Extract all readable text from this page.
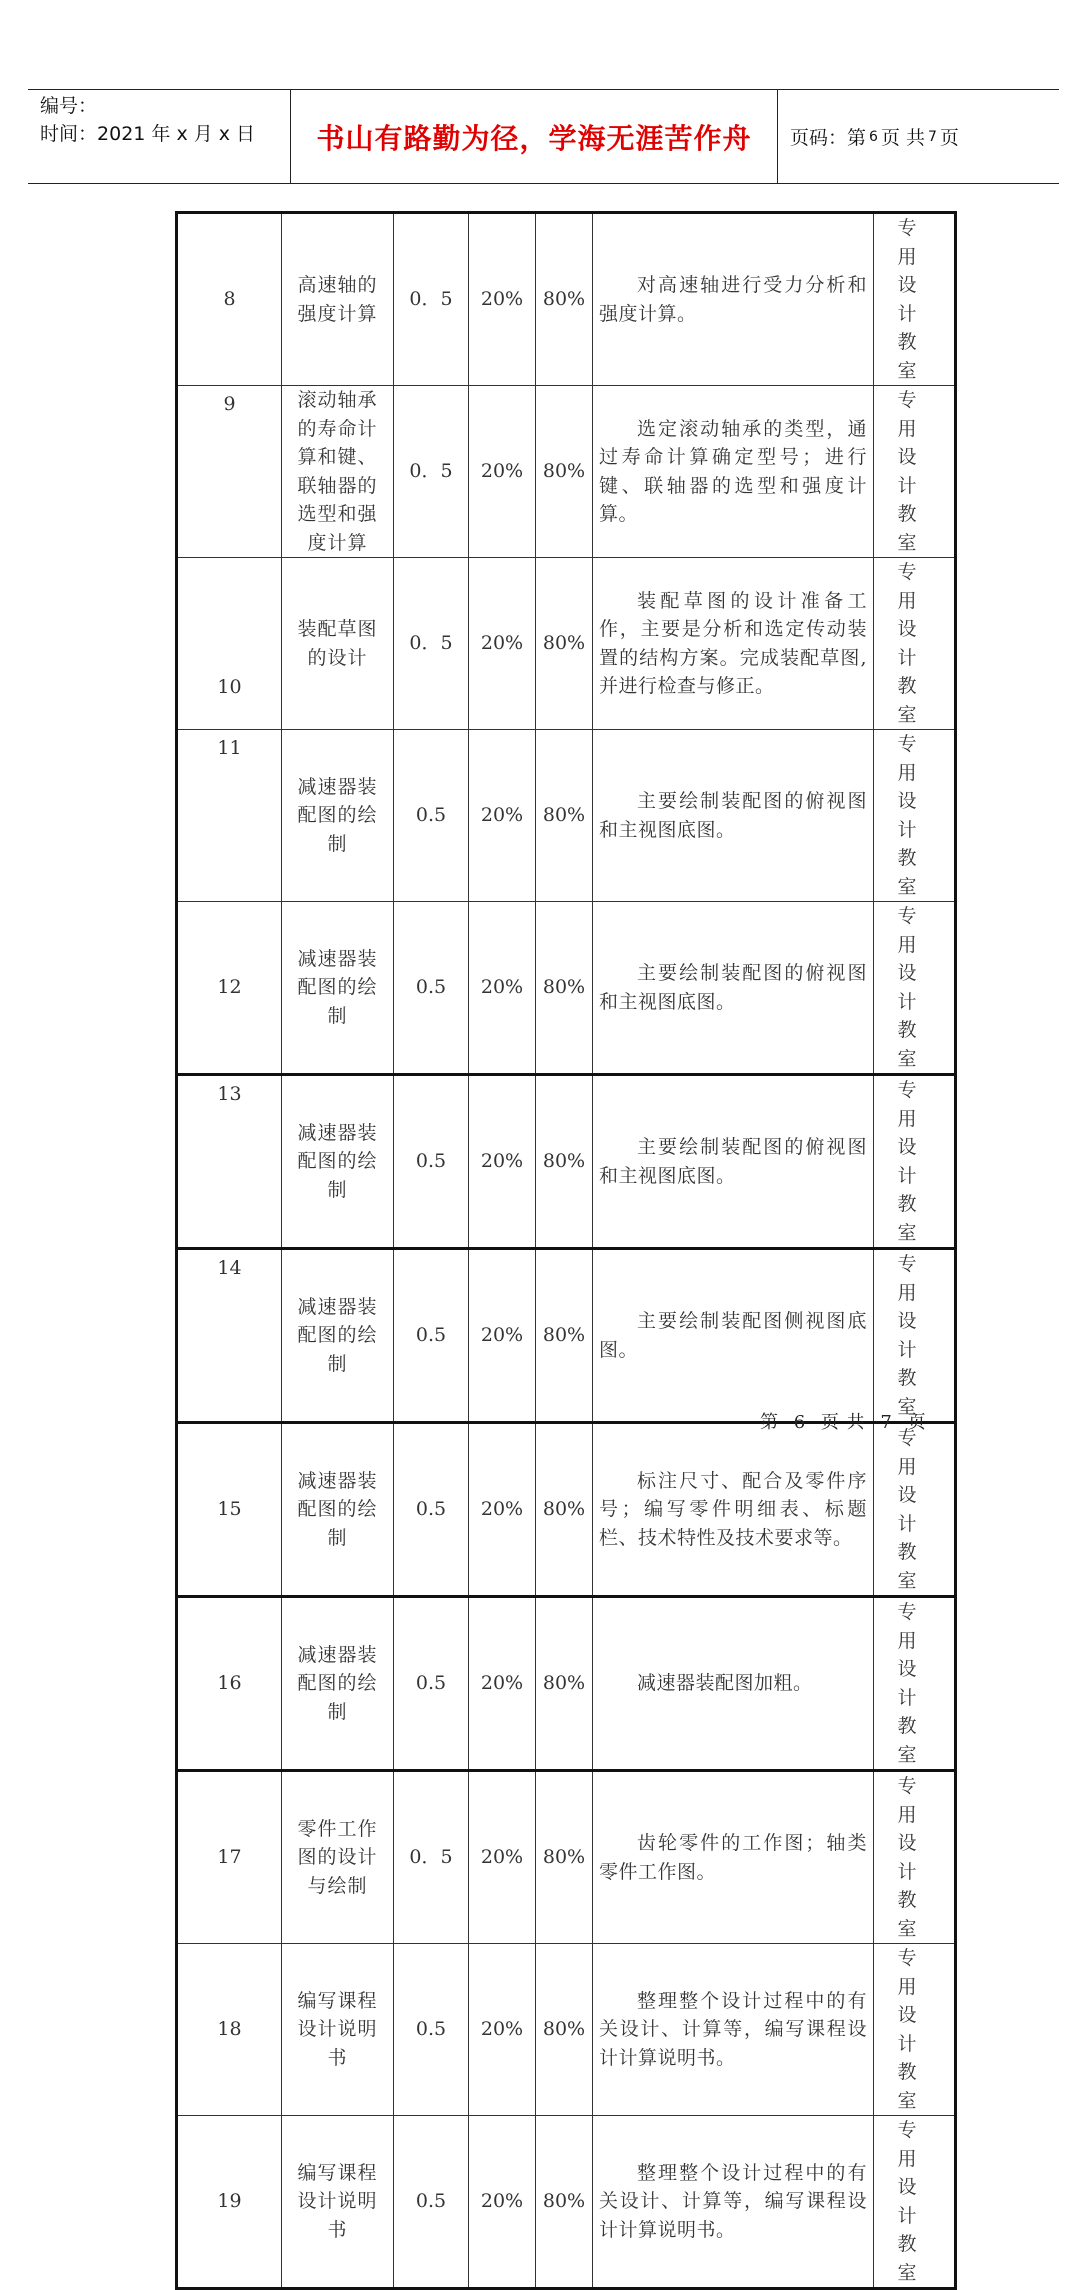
编号：
时间：2021 年 x 月 x 日	书山有路勤为径，学海无涯苦作舟	页码：第 6 页 共 7 页
8	高速轴的强度计算	0．5	20%	80%	对高速轴进行受力分析和强度计算。	专 用
设 计
教 室

9	滚动轴承的寿命计算和键、联轴器的选型和强度计算	0．5	20%	80%	选定滚动轴承的类型，通过寿命计算确定型号；进行键、联轴器的选型和强度计算。	专 用
设 计
教 室

10	装配草图的设计	0．5	20%	80%	装配草图的设计准备工作，主要是分析和选定传动装置的结构方案。完成装配草图,并进行检查与修正。	专 用
设 计
教 室

11	减速器装配图的绘制	0.5	20%	80%	主要绘制装配图的俯视图和主视图底图。	专 用
设 计
教 室

12	减速器装配图的绘制	0.5	20%	80%	主要绘制装配图的俯视图和主视图底图。	专 用
设 计
教 室

13	减速器装配图的绘制	0.5	20%	80%	主要绘制装配图的俯视图和主视图底图。	专 用
设 计
教 室

14	减速器装配图的绘制	0.5	20%	80%	主要绘制装配图侧视图底图。	专 用
设 计
教 室

15	减速器装配图的绘制	0.5	20%	80%	标注尺寸、配合及零件序号；编写零件明细表、标题栏、技术特性及技术要求等。	专 用
设 计
教 室

16	减速器装配图的绘制	0.5	20%	80%	减速器装配图加粗。	专 用
设 计
教 室

17	零件工作图的设计与绘制	0．5	20%	80%	齿轮零件的工作图；轴类零件工作图。	专 用
设 计
教 室

18	编写课程设计说明书	0.5	20%	80%	整理整个设计过程中的有关设计、计算等，编写课程设计计算说明书。	专 用
设 计
教 室

19	编写课程设计说明书	0.5	20%	80%	整理整个设计过程中的有关设计、计算等，编写课程设计计算说明书。	专 用
设 计
教 室
第 6 页 共 7 页
